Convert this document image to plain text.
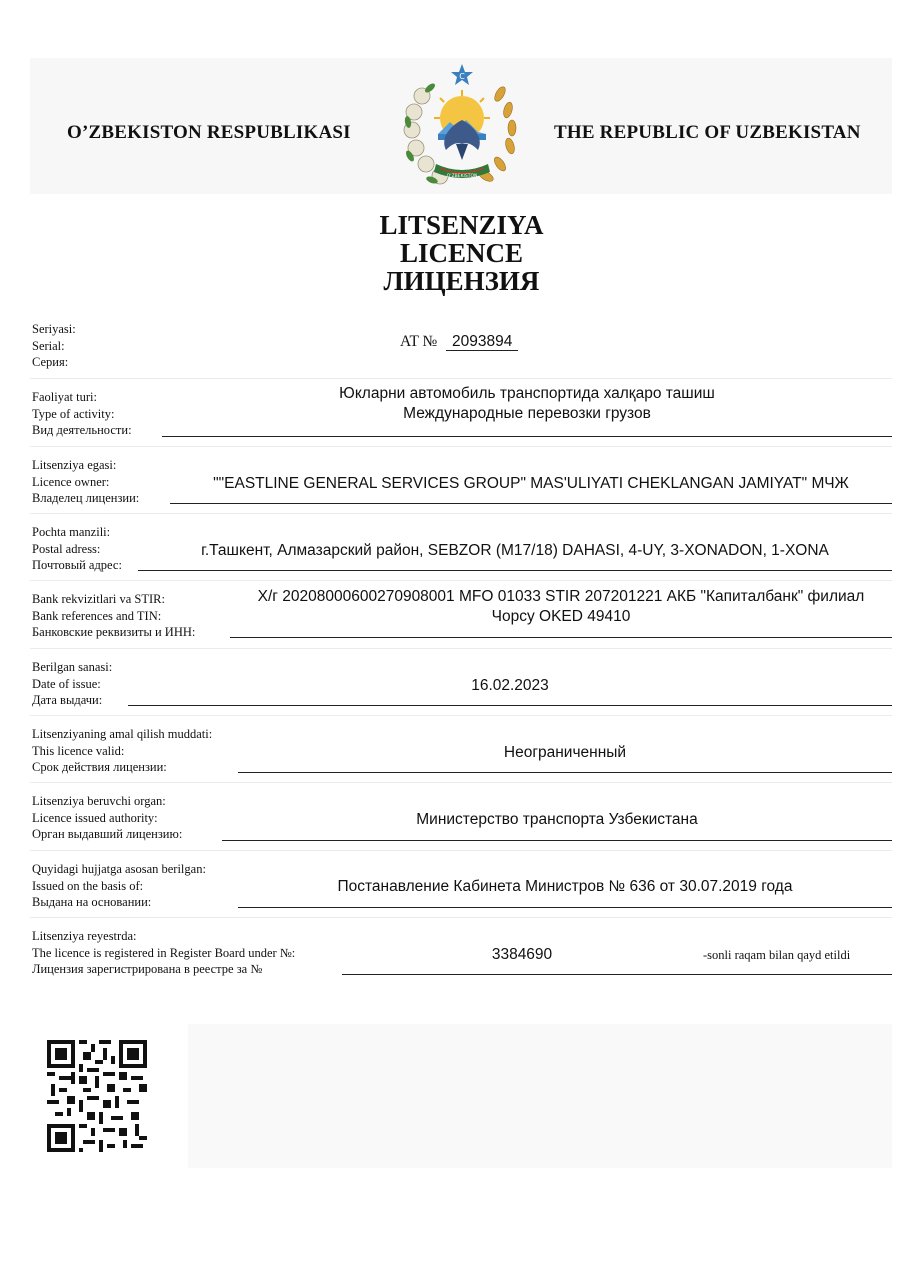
O’ZBEKISTON RESPUBLIKASI	THE REPUBLIC OF UZBEKISTAN
C
O‘ZBEKISTON
LITSENZIYA
LICENCE
ЛИЦЕНЗИЯ
Seriyasi:
Serial:
Серия:
AT № 2093894
Faoliyat turi:
Type of activity:
Вид деятельности:
Юкларни автомобиль транспортида халқаро ташиш
Международные перевозки грузов
Litsenziya egasi:
Licence owner:
Владелец лицензии:
""EASTLINE GENERAL SERVICES GROUP" MAS'ULIYATI CHEKLANGAN JAMIYAT" МЧЖ
Pochta manzili:
Postal adress:
Почтовый адрес:
г.Ташкент, Алмазарский район, SEBZOR (M17/18) DAHASI, 4-UY, 3-XONADON, 1-XONA
Bank rekvizitlari va STIR:
Bank references and TIN:
Банковские реквизиты и ИНН:
Х/г 20208000600270908001 MFO 01033 STIR 207201221 АКБ "Капиталбанк" филиал
Чорсу OKED 49410
Berilgan sanasi:
Date of issue:
Дата выдачи:
16.02.2023
Litsenziyaning amal qilish muddati:
This licence valid:
Срок действия лицензии:
Неограниченный
Litsenziya beruvchi organ:
Licence issued authority:
Орган выдавший лицензию:
Министерство транспорта Узбекистана
Quyidagi hujjatga asosan berilgan:
Issued on the basis of:
Выдана на основании:
Постанавление Кабинета Министров № 636 от 30.07.2019 года
Litsenziya reyestrda:
The licence is registered in Register Board under №:
Лицензия зарегистрирована в реестре за №
3384690	-sonli raqam bilan qayd etildi
